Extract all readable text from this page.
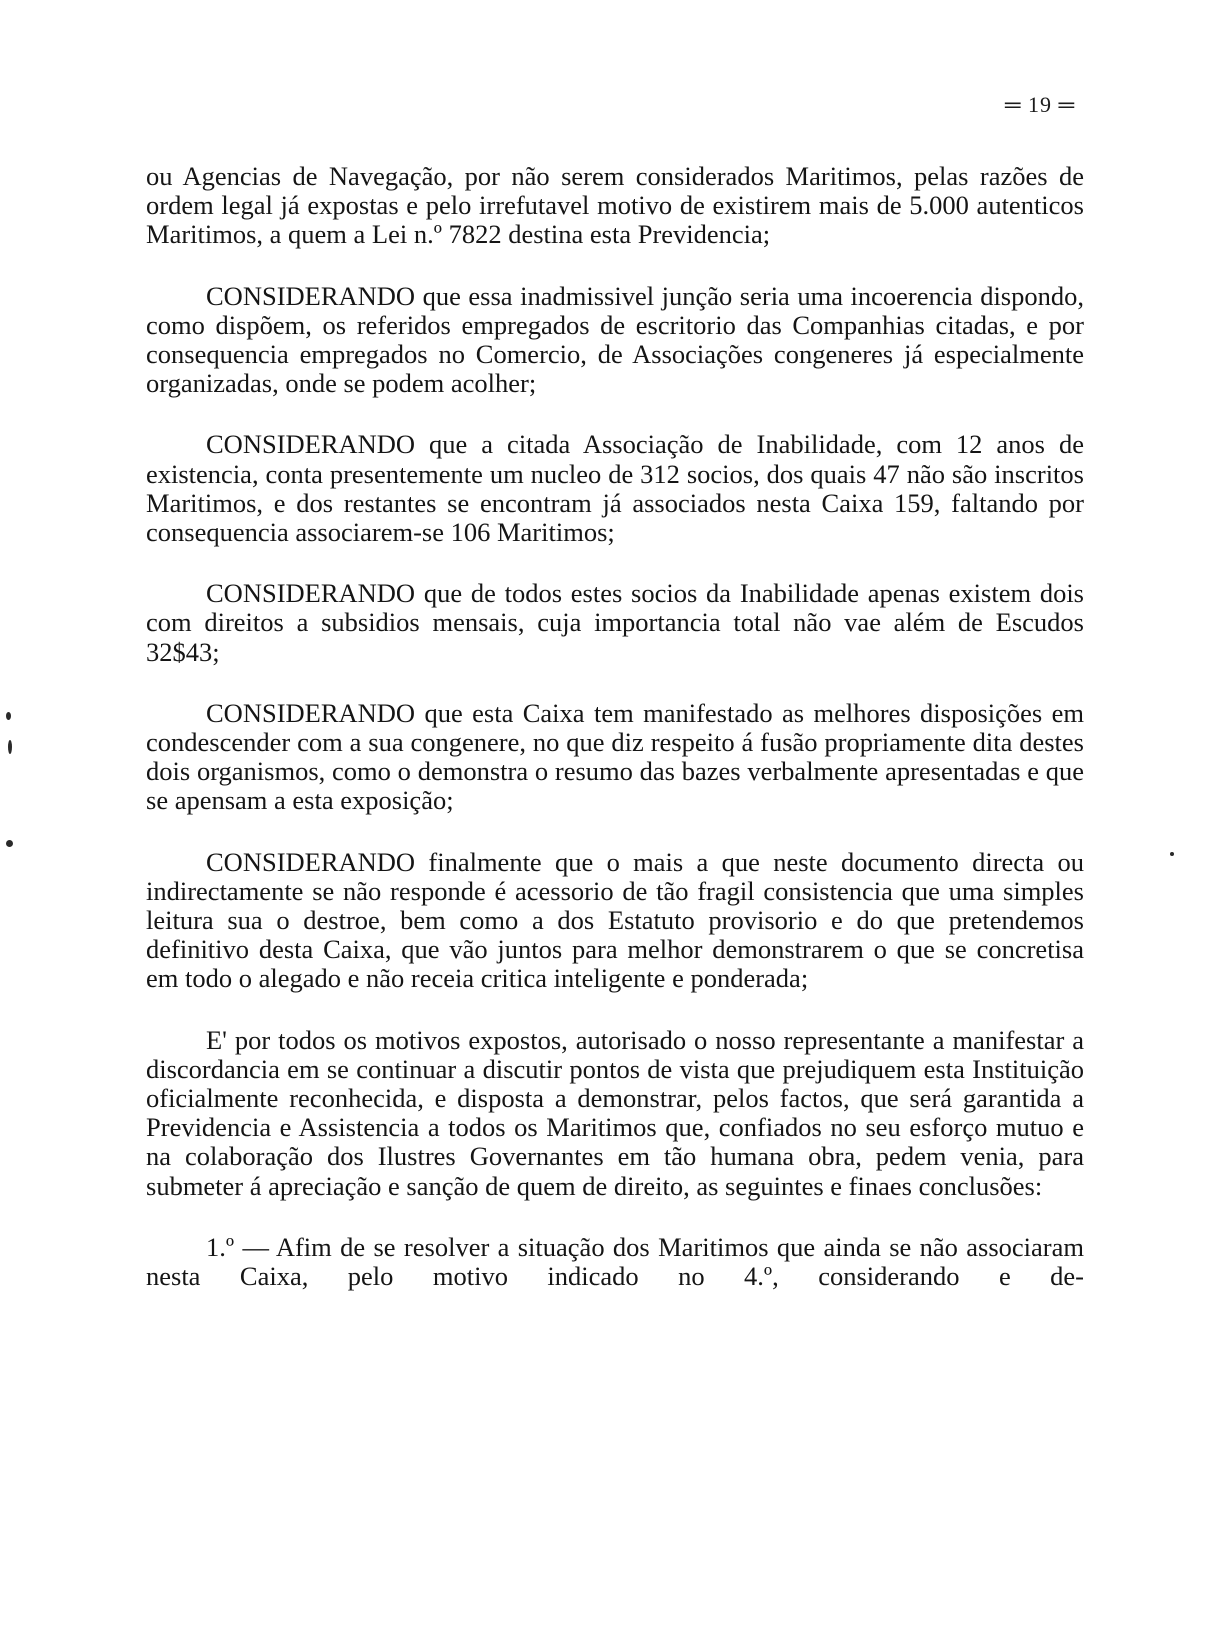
═ 19 ═

ou Agencias de Navegação, por não serem considerados Maritimos, pelas razões de ordem legal já expostas e pelo irrefutavel motivo de existirem mais de 5.000 autenticos Maritimos, a quem a Lei n.º 7822 destina esta Previdencia;

CONSIDERANDO que essa inadmissivel junção seria uma incoerencia dispondo, como dispõem, os referidos empregados de escritorio das Companhias citadas, e por consequencia empregados no Comercio, de Associações congeneres já especialmente organizadas, onde se podem acolher;

CONSIDERANDO que a citada Associação de Inabilidade, com 12 anos de existencia, conta presentemente um nucleo de 312 socios, dos quais 47 não são inscritos Maritimos, e dos restantes se encontram já associados nesta Caixa 159, faltando por consequencia associarem-se 106 Maritimos;

CONSIDERANDO que de todos estes socios da Inabilidade apenas existem dois com direitos a subsidios mensais, cuja importancia total não vae além de Escudos 32$43;

CONSIDERANDO que esta Caixa tem manifestado as melhores disposições em condescender com a sua congenere, no que diz respeito á fusão propriamente dita destes dois organismos, como o demonstra o resumo das bazes verbalmente apresentadas e que se apensam a esta exposição;

CONSIDERANDO finalmente que o mais a que neste documento directa ou indirectamente se não responde é acessorio de tão fragil consistencia que uma simples leitura sua o destroe, bem como a dos Estatuto provisorio e do que pretendemos definitivo desta Caixa, que vão juntos para melhor demonstrarem o que se concretisa em todo o alegado e não receia critica inteligente e ponderada;

E' por todos os motivos expostos, autorisado o nosso representante a manifestar a discordancia em se continuar a discutir pontos de vista que prejudiquem esta Instituição oficialmente reconhecida, e disposta a demonstrar, pelos factos, que será garantida a Previdencia e Assistencia a todos os Maritimos que, confiados no seu esforço mutuo e na colaboração dos Ilustres Governantes em tão humana obra, pedem venia, para submeter á apreciação e sanção de quem de direito, as seguintes e finaes conclusões:

1.º — Afim de se resolver a situação dos Maritimos que ainda se não associaram nesta Caixa, pelo motivo indicado no 4.º, considerando e de-
